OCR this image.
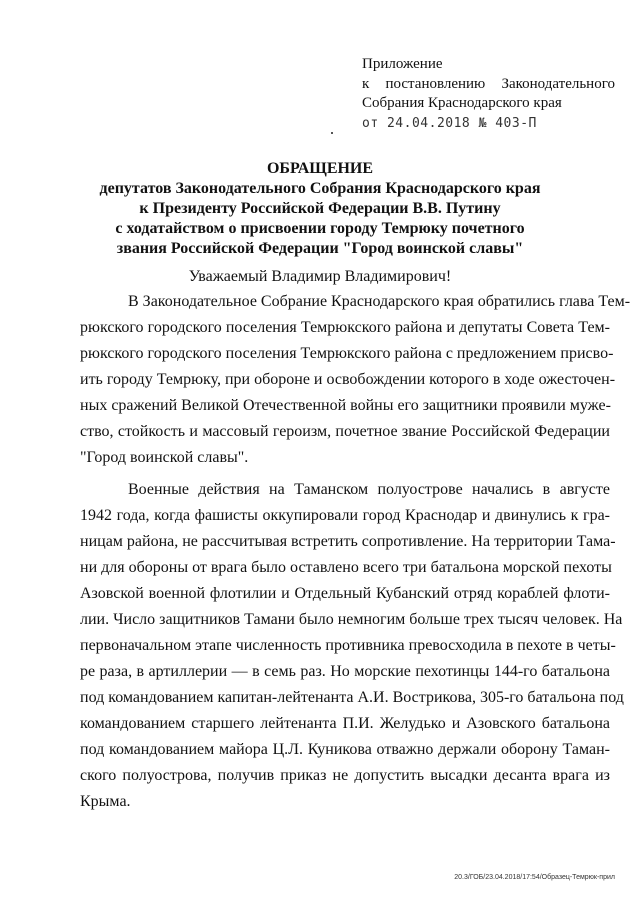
Приложение
к постановлению Законодательного
Собрания Краснодарского края
от 24.04.2018 № 403-П
ОБРАЩЕНИЕ
депутатов Законодательного Собрания Краснодарского края
к Президенту Российской Федерации В.В. Путину
с ходатайством о присвоении городу Темрюку почетного
звания Российской Федерации "Город воинской славы"
Уважаемый Владимир Владимирович!
В Законодательное Собрание Краснодарского края обратились глава Тем-
рюкского городского поселения Темрюкского района и депутаты Совета Тем-
рюкского городского поселения Темрюкского района с предложением присво-
ить городу Темрюку, при обороне и освобождении которого в ходе ожесточен-
ных сражений Великой Отечественной войны его защитники проявили муже-
ство, стойкость и массовый героизм, почетное звание Российской Федерации
"Город воинской славы".
Военные действия на Таманском полуострове начались в августе
1942 года, когда фашисты оккупировали город Краснодар и двинулись к гра-
ницам района, не рассчитывая встретить сопротивление. На территории Тама-
ни для обороны от врага было оставлено всего три батальона морской пехоты
Азовской военной флотилии и Отдельный Кубанский отряд кораблей флоти-
лии. Число защитников Тамани было немногим больше трех тысяч человек. На
первоначальном этапе численность противника превосходила в пехоте в четы-
ре раза, в артиллерии — в семь раз. Но морские пехотинцы 144-го батальона
под командованием капитан-лейтенанта А.И. Вострикова, 305-го батальона под
командованием старшего лейтенанта П.И. Желудько и Азовского батальона
под командованием майора Ц.Л. Куникова отважно держали оборону Таман-
ского полуострова, получив приказ не допустить высадки десанта врага из
Крыма.
20.3/ГОБ/23.04.2018/17:54/Образец-Темрюк-прил
